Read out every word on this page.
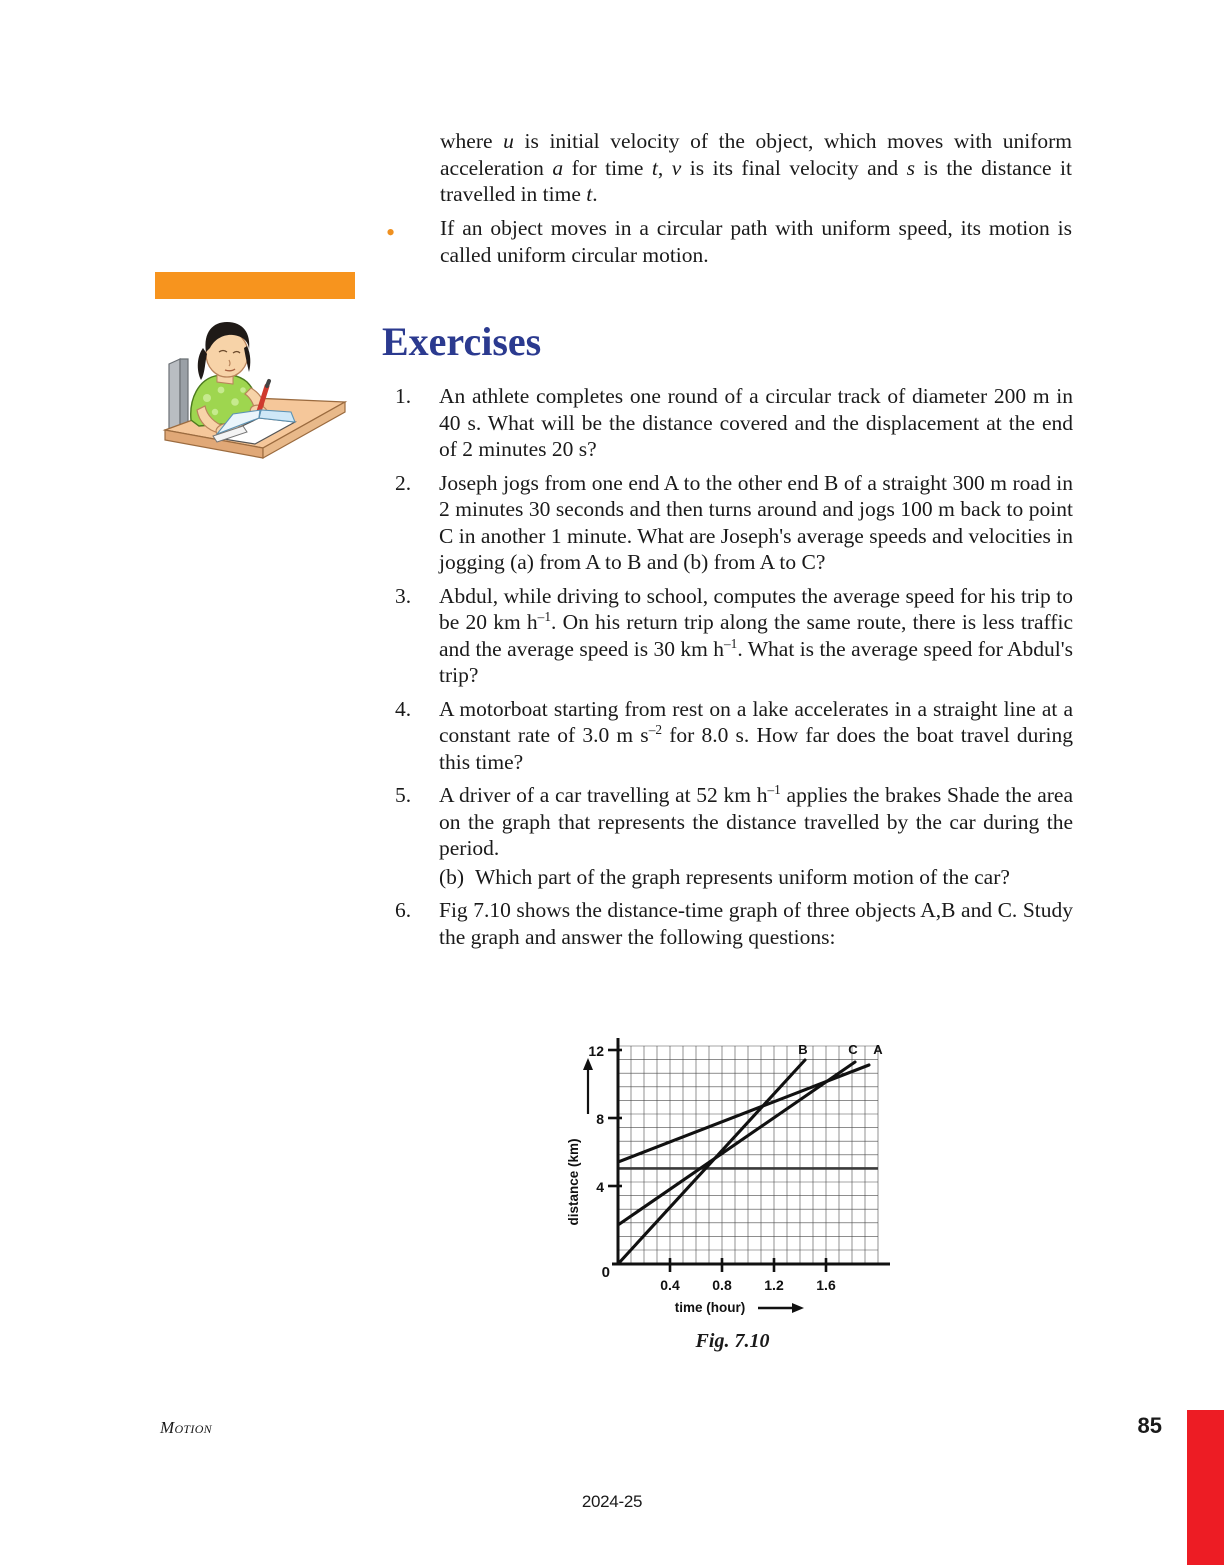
where u is initial velocity of the object, which moves with uniform acceleration a for time t, v is its final velocity and s is the distance it travelled in time t.

•	If an object moves in a circular path with uniform speed, its motion is called uniform circular motion.
Exercises
1.	An athlete completes one round of a circular track of diameter 200 m in 40 s. What will be the distance covered and the displacement at the end of 2 minutes 20 s?
2.	Joseph jogs from one end A to the other end B of a straight 300 m road in 2 minutes 30 seconds and then turns around and jogs 100 m back to point C in another 1 minute. What are Joseph's average speeds and velocities in jogging (a) from A to B and (b) from A to C?
3.	Abdul, while driving to school, computes the average speed for his trip to be 20 km $h^{-1}$. On his return trip along the same route, there is less traffic and the average speed is 30 km $h^{-1}$. What is the average speed for Abdul's trip?
4.	A motorboat starting from rest on a lake accelerates in a straight line at a constant rate of 3.0 m $s^{-2}$ for 8.0 s. How far does the boat travel during this time?
5.	A driver of a car travelling at 52 km $h^{-1}$ applies the brakes Shade the area on the graph that represents the distance travelled by the car during the period.
(b) Which part of the graph represents uniform motion of the car?
6.	Fig 7.10 shows the distance-time graph of three objects A,B and C. Study the graph and answer the following questions:
B	C A
12
8
4
0
0.4 0.8 1.2 1.6
distance (km)
time (hour)
Fig. 7.10
Motion	85
2024-25
